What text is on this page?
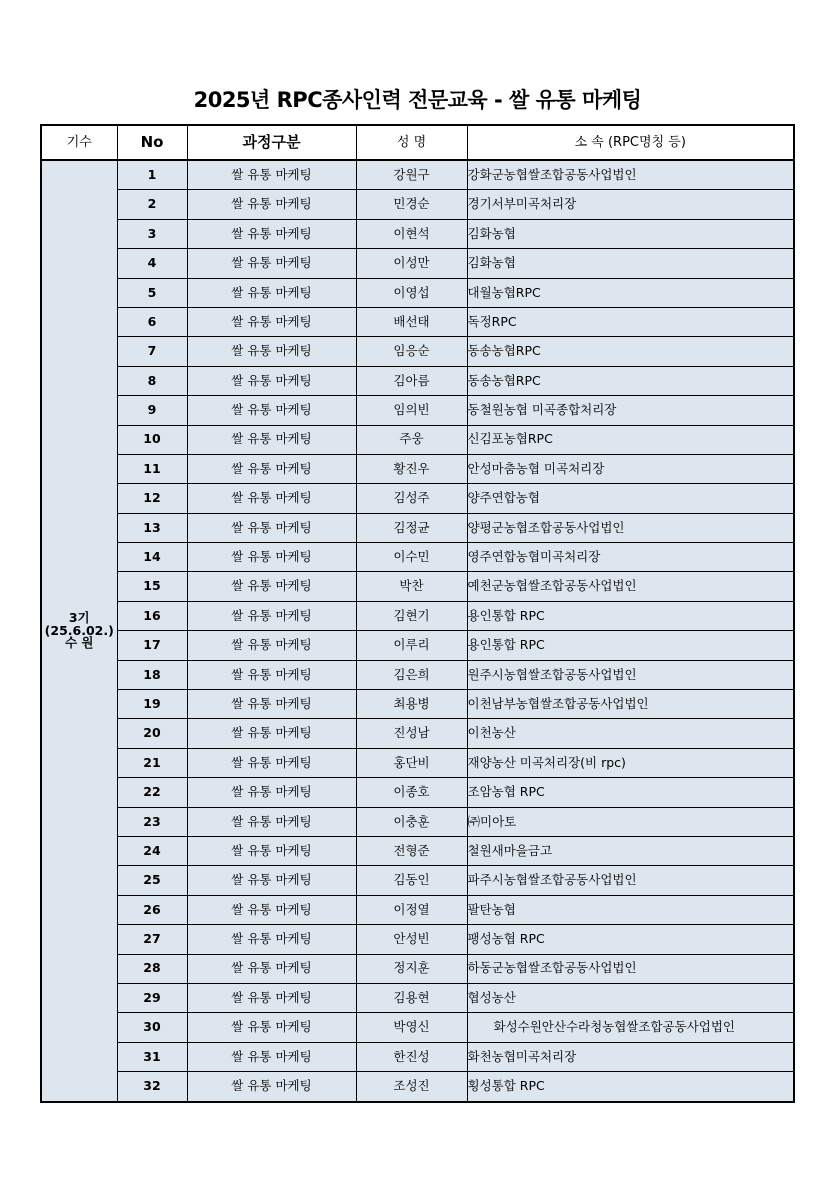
2025년 RPC종사인력 전문교육 - 쌀 유통 마케팅
기수	No	과정구분	성 명	소 속 (RPC명칭 등)
3기
(25.6.02.)
수 원	1	쌀 유통 마케팅	강원구	강화군농협쌀조합공동사업법인
	2	쌀 유통 마케팅	민경순	경기서부미곡처리장
	3	쌀 유통 마케팅	이현석	김화농협
	4	쌀 유통 마케팅	이성만	김화농협
	5	쌀 유통 마케팅	이영섭	대월농협RPC
	6	쌀 유통 마케팅	배선태	독정RPC
	7	쌀 유통 마케팅	임응순	동송농협RPC
	8	쌀 유통 마케팅	김아름	동송농협RPC
	9	쌀 유통 마케팅	임의빈	동철원농협 미곡종합처리장
	10	쌀 유통 마케팅	주웅	신김포농협RPC
	11	쌀 유통 마케팅	황진우	안성마춤농협 미곡처리장
	12	쌀 유통 마케팅	김성주	양주연합농협
	13	쌀 유통 마케팅	김정균	양평군농협조합공동사업법인
	14	쌀 유통 마케팅	이수민	영주연합농협미곡처리장
	15	쌀 유통 마케팅	박찬	예천군농협쌀조합공동사업법인
	16	쌀 유통 마케팅	김현기	용인통합 RPC
	17	쌀 유통 마케팅	이루리	용인통합 RPC
	18	쌀 유통 마케팅	김은희	원주시농협쌀조합공동사업법인
	19	쌀 유통 마케팅	최용병	이천남부농협쌀조합공동사업법인
	20	쌀 유통 마케팅	진성남	이천농산
	21	쌀 유통 마케팅	홍단비	재양농산 미곡처리장(비 rpc)
	22	쌀 유통 마케팅	이종호	조암농협 RPC
	23	쌀 유통 마케팅	이충훈	㈜미아토
	24	쌀 유통 마케팅	전형준	철원새마을금고
	25	쌀 유통 마케팅	김동인	파주시농협쌀조합공동사업법인
	26	쌀 유통 마케팅	이정열	팔탄농협
	27	쌀 유통 마케팅	안성빈	팽성농협 RPC
	28	쌀 유통 마케팅	정지훈	하동군농협쌀조합공동사업법인
	29	쌀 유통 마케팅	김용현	협성농산
	30	쌀 유통 마케팅	박영신	화성수원안산수라청농협쌀조합공동사업법인
	31	쌀 유통 마케팅	한진성	화천농협미곡처리장
	32	쌀 유통 마케팅	조성진	횡성통합 RPC
